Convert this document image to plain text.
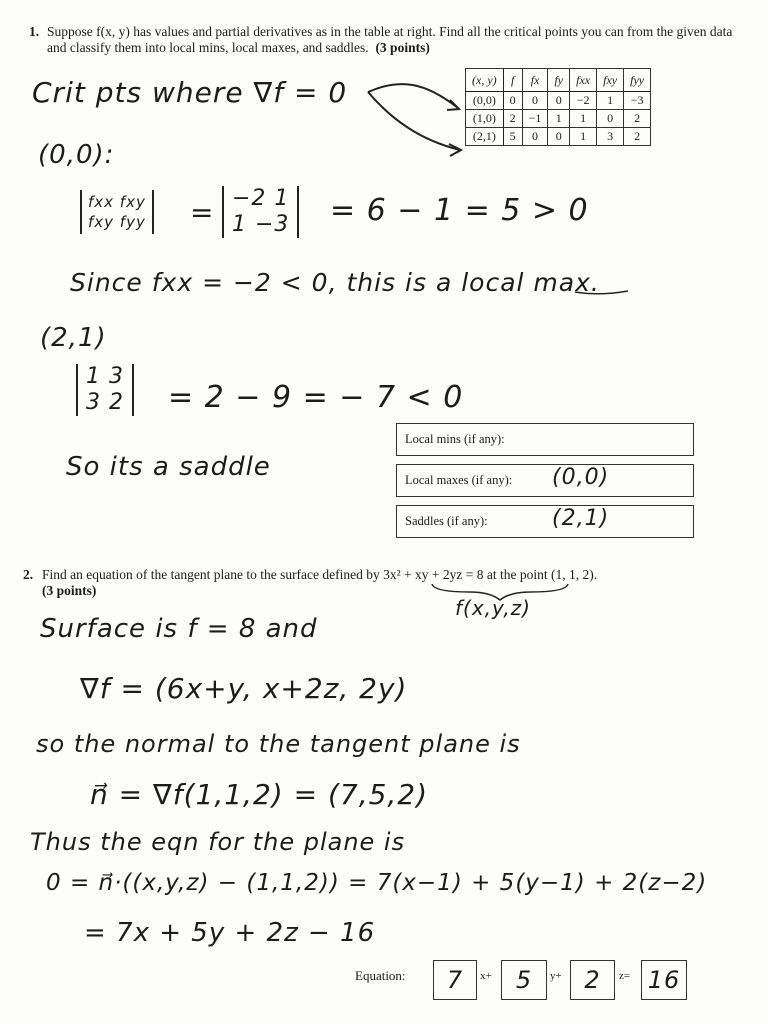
1. Suppose f(x, y) has values and partial derivatives as in the table at right. Find all the critical points you can from the given data and classify them into local mins, local maxes, and saddles. (3 points)
(x, y)	f	fx	fy	fxx	fxy	fyy
(0,0)	0	0	0	−2	1	−3
(1,0)	2	−1	1	1	0	2
(2,1)	5	0	0	1	3	2
Crit pts where ∇f = 0
(0,0):
fxx fxy
fxy fyy = −2 1
1 −3 = 6 − 1 = 5 > 0
Since fxx = −2 < 0, this is a local max.
(2,1)
1 3
3 2 = 2 − 9 = − 7 < 0
So its a saddle
Local mins (if any):
Local maxes (if any): (0,0)
Saddles (if any):	(2,1)
2. Find an equation of the tangent plane to the surface defined by 3x² + xy + 2yz = 8 at the point (1, 1, 2).
(3 points)
f(x,y,z)
Surface is f = 8 and
∇f = (6x+y, x+2z, 2y)
so the normal to the tangent plane is
n⃗ = ∇f(1,1,2) = (7,5,2)
Thus the eqn for the plane is
0 = n⃗·((x,y,z) − (1,1,2)) = 7(x−1) + 5(y−1) + 2(z−2)
= 7x + 5y + 2z − 16
Equation:	7	x+	5	y+ 2	z= 16
